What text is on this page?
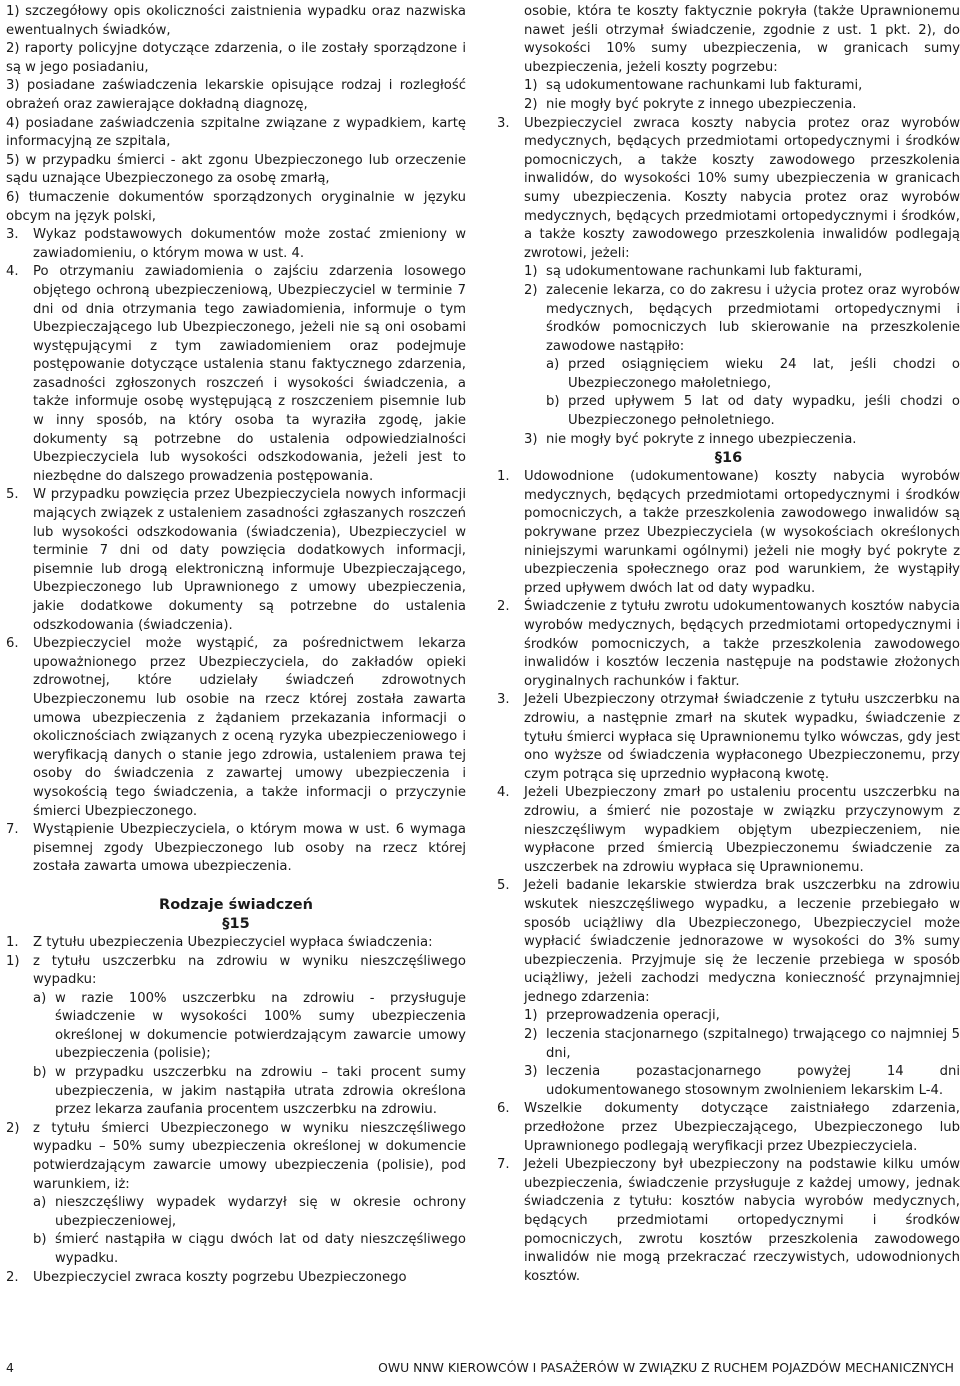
1) szczegółowy opis okoliczności zaistnienia wypadku oraz nazwiska ewentualnych świadków,
2) raporty policyjne dotyczące zdarzenia, o ile zostały sporządzone i są w jego posiadaniu,
3) posiadane zaświadczenia lekarskie opisujące rodzaj i rozległość obrażeń oraz zawierające dokładną diagnozę,
4) posiadane zaświadczenia szpitalne związane z wypadkiem, kartę informacyjną ze szpitala,
5) w przypadku śmierci - akt zgonu Ubezpieczonego lub orzeczenie sądu uznające Ubezpieczonego za osobę zmarłą,
6) tłumaczenie dokumentów sporządzonych oryginalnie w języku obcym na język polski,
3.	Wykaz podstawowych dokumentów może zostać zmieniony w zawiadomieniu, o którym mowa w ust. 4.
4.	Po otrzymaniu zawiadomienia o zajściu zdarzenia losowego objętego ochroną ubezpieczeniową, Ubezpieczyciel w terminie 7 dni od dnia otrzymania tego zawiadomienia, informuje o tym Ubezpieczającego lub Ubezpieczonego, jeżeli nie są oni osobami występującymi z tym zawiadomieniem oraz podejmuje postępowanie dotyczące ustalenia stanu faktycznego zdarzenia, zasadności zgłoszonych roszczeń i wysokości świadczenia, a także informuje osobę występującą z roszczeniem pisemnie lub w inny sposób, na który osoba ta wyraziła zgodę, jakie dokumenty są potrzebne do ustalenia odpowiedzialności Ubezpieczyciela lub wysokości odszkodowania, jeżeli jest to niezbędne do dalszego prowadzenia postępowania.
5.	W przypadku powzięcia przez Ubezpieczyciela nowych informacji mających związek z ustaleniem zasadności zgłaszanych roszczeń lub wysokości odszkodowania (świadczenia), Ubezpieczyciel w terminie 7 dni od daty powzięcia dodatkowych informacji, pisemnie lub drogą elektroniczną informuje Ubezpieczającego, Ubezpieczonego lub Uprawnionego z umowy ubezpieczenia, jakie dodatkowe dokumenty są potrzebne do ustalenia odszkodowania (świadczenia).
6.	Ubezpieczyciel może wystąpić, za pośrednictwem lekarza upoważnionego przez Ubezpieczyciela, do zakładów opieki zdrowotnej, które udzielały świadczeń zdrowotnych Ubezpieczonemu lub osobie na rzecz której została zawarta umowa ubezpieczenia z żądaniem przekazania informacji o okolicznościach związanych z oceną ryzyka ubezpieczeniowego i weryfikacją danych o stanie jego zdrowia, ustaleniem prawa tej osoby do świadczenia z zawartej umowy ubezpieczenia i wysokością tego świadczenia, a także informacji o przyczynie śmierci Ubezpieczonego.
7.	Wystąpienie Ubezpieczyciela, o którym mowa w ust. 6 wymaga pisemnej zgody Ubezpieczonego lub osoby na rzecz której została zawarta umowa ubezpieczenia.
Rodzaje świadczeń
§15
1.	Z tytułu ubezpieczenia Ubezpieczyciel wypłaca świadczenia:
1)	z tytułu uszczerbku na zdrowiu w wyniku nieszczęśliwego wypadku:
a) w razie 100% uszczerbku na zdrowiu - przysługuje świadczenie w wysokości 100% sumy ubezpieczenia określonej w dokumencie potwierdzającym zawarcie umowy ubezpieczenia (polisie);
b) w przypadku uszczerbku na zdrowiu – taki procent sumy ubezpieczenia, w jakim nastąpiła utrata zdrowia określona przez lekarza zaufania procentem uszczerbku na zdrowiu.
2)	z tytułu śmierci Ubezpieczonego w wyniku nieszczęśliwego wypadku – 50% sumy ubezpieczenia określonej w dokumencie potwierdzającym zawarcie umowy ubezpieczenia (polisie), pod warunkiem, iż:
a) nieszczęśliwy wypadek wydarzył się w okresie ochrony ubezpieczeniowej,
b) śmierć nastąpiła w ciągu dwóch lat od daty nieszczęśliwego wypadku.
2.	Ubezpieczyciel zwraca koszty pogrzebu Ubezpieczonego
osobie, która te koszty faktycznie pokryła (także Uprawnionemu nawet jeśli otrzymał świadczenie, zgodnie z ust. 1 pkt. 2), do wysokości 10% sumy ubezpieczenia, w granicach sumy ubezpieczenia, jeżeli koszty pogrzebu:
1) są udokumentowane rachunkami lub fakturami,
2) nie mogły być pokryte z innego ubezpieczenia.
3.	Ubezpieczyciel zwraca koszty nabycia protez oraz wyrobów medycznych, będących przedmiotami ortopedycznymi i środków pomocniczych, a także koszty zawodowego przeszkolenia inwalidów, do wysokości 10% sumy ubezpieczenia w granicach sumy ubezpieczenia. Koszty nabycia protez oraz wyrobów medycznych, będących przedmiotami ortopedycznymi i środków, a także koszty zawodowego przeszkolenia inwalidów podlegają zwrotowi, jeżeli:
1) są udokumentowane rachunkami lub fakturami,
2) zalecenie lekarza, co do zakresu i użycia protez oraz wyrobów medycznych, będących przedmiotami ortopedycznymi i środków pomocniczych lub skierowanie na przeszkolenie zawodowe nastąpiło:
a) przed osiągnięciem wieku 24 lat, jeśli chodzi o Ubezpieczonego małoletniego,
b) przed upływem 5 lat od daty wypadku, jeśli chodzi o Ubezpieczonego pełnoletniego.
3) nie mogły być pokryte z innego ubezpieczenia.
§16
1.	Udowodnione (udokumentowane) koszty nabycia wyrobów medycznych, będących przedmiotami ortopedycznymi i środków pomocniczych, a także przeszkolenia zawodowego inwalidów są pokrywane przez Ubezpieczyciela (w wysokościach określonych niniejszymi warunkami ogólnymi) jeżeli nie mogły być pokryte z ubezpieczenia społecznego oraz pod warunkiem, że wystąpiły przed upływem dwóch lat od daty wypadku.
2.	Świadczenie z tytułu zwrotu udokumentowanych kosztów nabycia wyrobów medycznych, będących przedmiotami ortopedycznymi i środków pomocniczych, a także przeszkolenia zawodowego inwalidów i kosztów leczenia następuje na podstawie złożonych oryginalnych rachunków i faktur.
3.	Jeżeli Ubezpieczony otrzymał świadczenie z tytułu uszczerbku na zdrowiu, a następnie zmarł na skutek wypadku, świadczenie z tytułu śmierci wypłaca się Uprawnionemu tylko wówczas, gdy jest ono wyższe od świadczenia wypłaconego Ubezpieczonemu, przy czym potrąca się uprzednio wypłaconą kwotę.
4.	Jeżeli Ubezpieczony zmarł po ustaleniu procentu uszczerbku na zdrowiu, a śmierć nie pozostaje w związku przyczynowym z nieszczęśliwym wypadkiem objętym ubezpieczeniem, nie wypłacone przed śmiercią Ubezpieczonemu świadczenie za uszczerbek na zdrowiu wypłaca się Uprawnionemu.
5.	Jeżeli badanie lekarskie stwierdza brak uszczerbku na zdrowiu wskutek nieszczęśliwego wypadku, a leczenie przebiegało w sposób uciążliwy dla Ubezpieczonego, Ubezpieczyciel może wypłacić świadczenie jednorazowe w wysokości do 3% sumy ubezpieczenia. Przyjmuje się że leczenie przebiega w sposób uciążliwy, jeżeli zachodzi medyczna konieczność przynajmniej jednego zdarzenia:
1) przeprowadzenia operacji,
2) leczenia stacjonarnego (szpitalnego) trwającego co najmniej 5 dni,
3) leczenia pozastacjonarnego powyżej 14 dni udokumentowanego stosownym zwolnieniem lekarskim L-4.
6.	Wszelkie dokumenty dotyczące zaistniałego zdarzenia, przedłożone przez Ubezpieczającego, Ubezpieczonego lub Uprawnionego podlegają weryfikacji przez Ubezpieczyciela.
7.	Jeżeli Ubezpieczony był ubezpieczony na podstawie kilku umów ubezpieczenia, świadczenie przysługuje z każdej umowy, jednak świadczenia z tytułu: kosztów nabycia wyrobów medycznych, będących przedmiotami ortopedycznymi i środków pomocniczych, zwrotu kosztów przeszkolenia zawodowego inwalidów nie mogą przekraczać rzeczywistych, udowodnionych kosztów.
4	OWU NNW KIEROWCÓW I PASAŻERÓW W ZWIĄZKU Z RUCHEM POJAZDÓW MECHANICZNYCH
